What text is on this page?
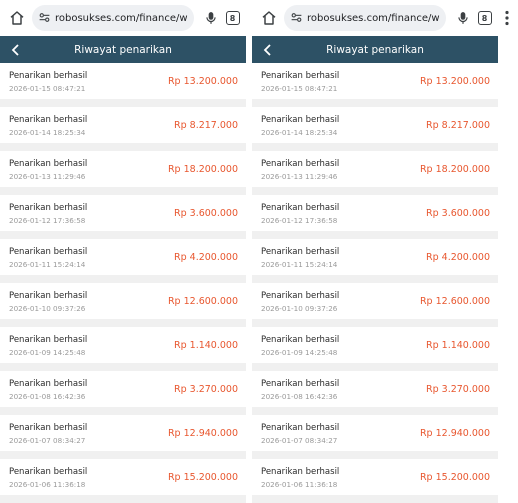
robosukses.com/finance/w	8
Riwayat penarikan
Penarikan berhasil
2026-01-15 08:47:21
Rp 13.200.000
Penarikan berhasil
2026-01-14 18:25:34
Rp 8.217.000
Penarikan berhasil
2026-01-13 11:29:46
Rp 18.200.000
Penarikan berhasil
2026-01-12 17:36:58
Rp 3.600.000
Penarikan berhasil
2026-01-11 15:24:14
Rp 4.200.000
Penarikan berhasil
2026-01-10 09:37:26
Rp 12.600.000
Penarikan berhasil
2026-01-09 14:25:48
Rp 1.140.000
Penarikan berhasil
2026-01-08 16:42:36
Rp 3.270.000
Penarikan berhasil
2026-01-07 08:34:27
Rp 12.940.000
Penarikan berhasil
2026-01-06 11:36:18
Rp 15.200.000
robosukses.com/finance/w	8
Riwayat penarikan
Penarikan berhasil
2026-01-15 08:47:21
Rp 13.200.000
Penarikan berhasil
2026-01-14 18:25:34
Rp 8.217.000
Penarikan berhasil
2026-01-13 11:29:46
Rp 18.200.000
Penarikan berhasil
2026-01-12 17:36:58
Rp 3.600.000
Penarikan berhasil
2026-01-11 15:24:14
Rp 4.200.000
Penarikan berhasil
2026-01-10 09:37:26
Rp 12.600.000
Penarikan berhasil
2026-01-09 14:25:48
Rp 1.140.000
Penarikan berhasil
2026-01-08 16:42:36
Rp 3.270.000
Penarikan berhasil
2026-01-07 08:34:27
Rp 12.940.000
Penarikan berhasil
2026-01-06 11:36:18
Rp 15.200.000
